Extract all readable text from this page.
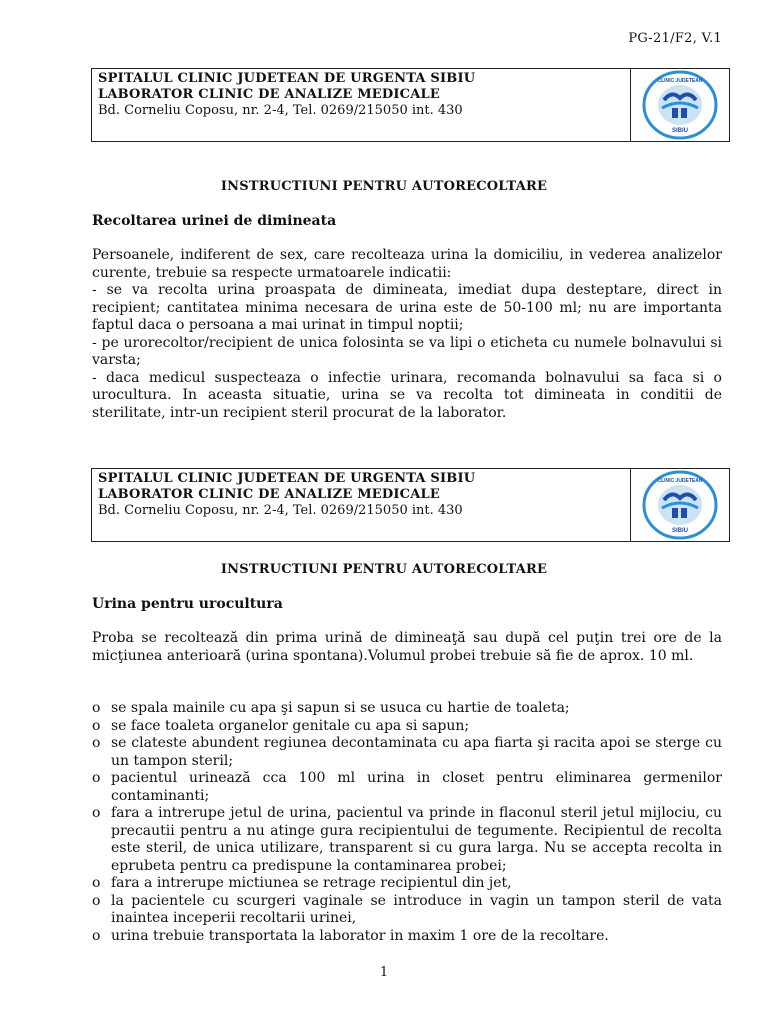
PG-21/F2, V.1
SPITALUL CLINIC JUDETEAN DE URGENTA SIBIU
LABORATOR CLINIC DE ANALIZE MEDICALE
Bd. Corneliu Coposu, nr. 2-4, Tel. 0269/215050 int. 430
SIBIU
CLINIC JUDETEAN
INSTRUCTIUNI PENTRU AUTORECOLTARE
Recoltarea urinei de dimineata
Persoanele, indiferent de sex, care recolteaza urina la domiciliu, in vederea analizelor curente, trebuie sa respecte urmatoarele indicatii:
- se va recolta urina proaspata de dimineata, imediat dupa desteptare, direct in recipient; cantitatea minima necesara de urina este de 50-100 ml; nu are importanta faptul daca o persoana a mai urinat in timpul noptii;
- pe urorecoltor/recipient de unica folosinta se va lipi o eticheta cu numele bolnavului si varsta;
- daca medicul suspecteaza o infectie urinara, recomanda bolnavului sa faca si o urocultura. In aceasta situatie, urina se va recolta tot dimineata in conditii de sterilitate, intr-un recipient steril procurat de la laborator.
SPITALUL CLINIC JUDETEAN DE URGENTA SIBIU
LABORATOR CLINIC DE ANALIZE MEDICALE
Bd. Corneliu Coposu, nr. 2-4, Tel. 0269/215050 int. 430
SIBIU
CLINIC JUDETEAN
INSTRUCTIUNI PENTRU AUTORECOLTARE
Urina pentru urocultura

Proba se recoltează din prima urină de dimineaţă sau după cel puţin trei ore de la micţiunea anterioară (urina spontana).Volumul probei trebuie să fie de aprox. 10 ml.

o se spala mainile cu apa şi sapun si se usuca cu hartie de toaleta;
o se face toaleta organelor genitale cu apa si sapun;
o se clateste abundent regiunea decontaminata cu apa fiarta şi racita apoi se sterge cu un tampon steril;
o pacientul urinează cca 100 ml urina in closet pentru eliminarea germenilor contaminanti;
o fara a intrerupe jetul de urina, pacientul va prinde in flaconul steril jetul mijlociu, cu precautii pentru a nu atinge gura recipientului de tegumente. Recipientul de recolta este steril, de unica utilizare, transparent si cu gura larga. Nu se accepta recolta in eprubeta pentru ca predispune la contaminarea probei;
o fara a intrerupe mictiunea se retrage recipientul din jet,
o la pacientele cu scurgeri vaginale se introduce in vagin un tampon steril de vata inaintea inceperii recoltarii urinei,
o urina trebuie transportata la laborator in maxim 1 ore de la recoltare.
1
